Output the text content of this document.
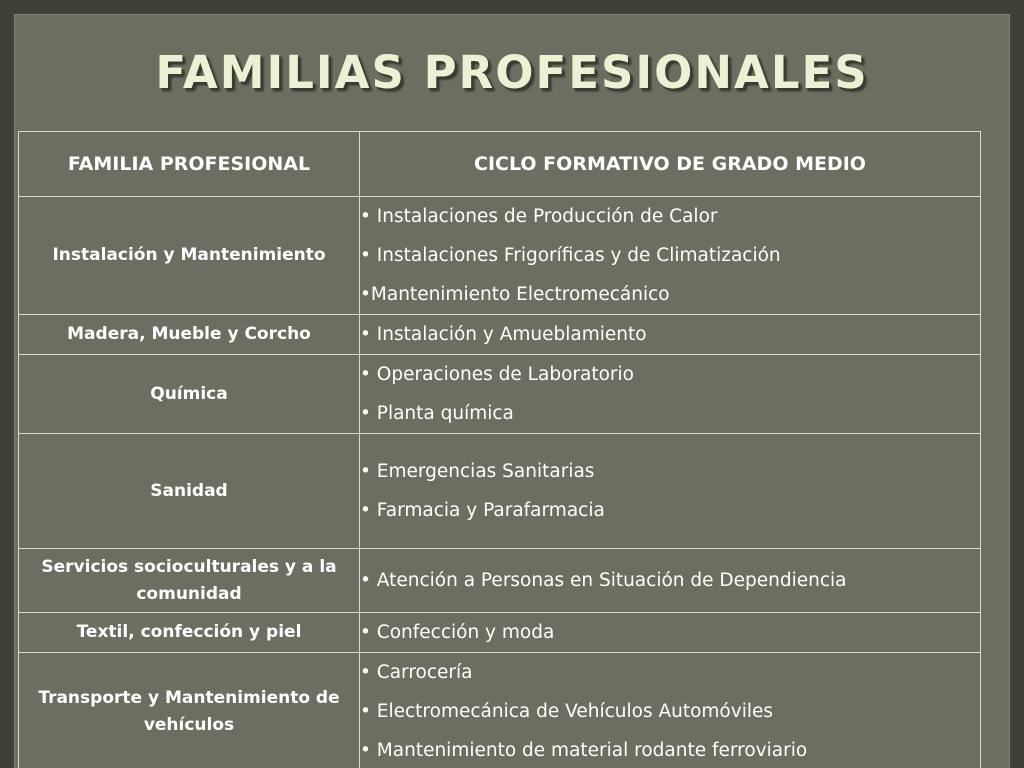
FAMILIAS PROFESIONALES
FAMILIA PROFESIONAL	CICLO FORMATIVO DE GRADO MEDIO
Instalación y Mantenimiento	• Instalaciones de Producción de Calor
• Instalaciones Frigoríficas y de Climatización
•Mantenimiento Electromecánico

Madera, Mueble y Corcho	• Instalación y Amueblamiento

Química	• Operaciones de Laboratorio
• Planta química

Sanidad	• Emergencias Sanitarias
• Farmacia y Parafarmacia

Servicios socioculturales y a la comunidad	• Atención a Personas en Situación de Dependiencia

Textil, confección y piel	• Confección y moda

Transporte y Mantenimiento de vehículos	• Carrocería
• Electromecánica de Vehículos Automóviles
• Mantenimiento de material rodante ferroviario
